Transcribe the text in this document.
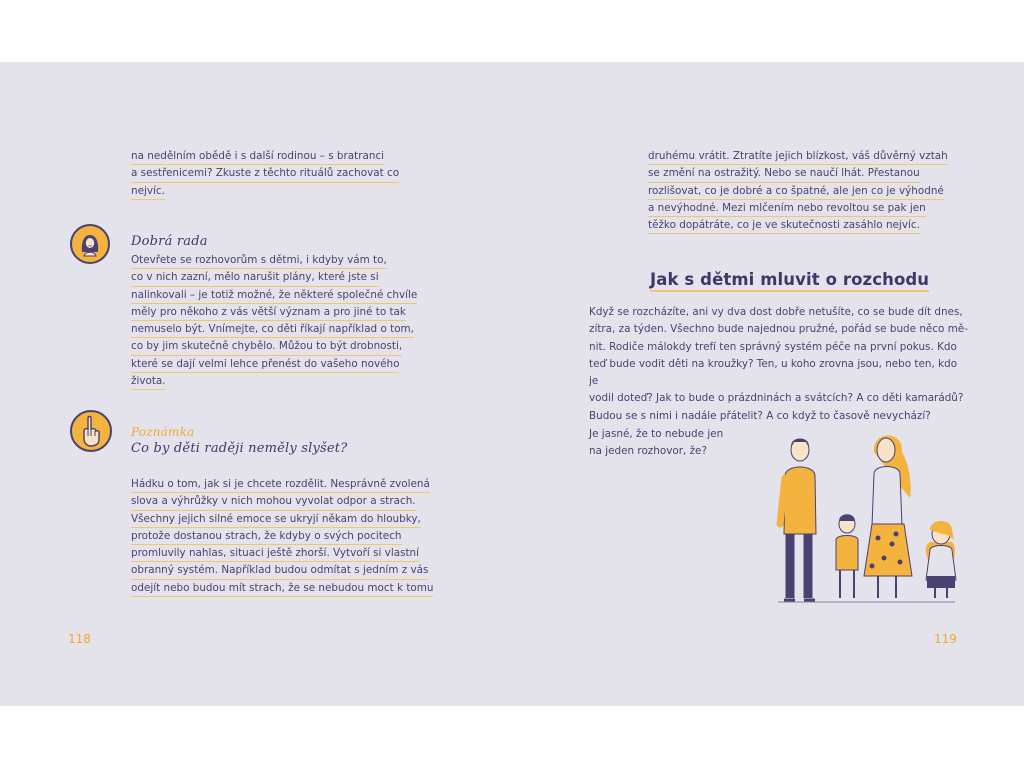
na nedělním obědě i s další rodinou – s bratranci
a sestřenicemi? Zkuste z těchto rituálů zachovat co
nejvíc.
Dobrá rada
Otevřete se rozhovorům s dětmi, i kdyby vám to,
co v nich zazní, mělo narušit plány, které jste si
nalinkovali – je totiž možné, že některé společné chvíle
měly pro někoho z vás větší význam a pro jiné to tak
nemuselo být. Vnímejte, co děti říkají například o tom,
co by jim skutečně chybělo. Můžou to být drobnosti,
které se dají velmi lehce přenést do vašeho nového
života.
Poznámka
Co by děti raději neměly slyšet?
Hádku o tom, jak si je chcete rozdělit. Nesprávně zvolená
slova a výhrůžky v nich mohou vyvolat odpor a strach.
Všechny jejich silné emoce se ukryjí někam do hloubky,
protože dostanou strach, že kdyby o svých pocitech
promluvily nahlas, situaci ještě zhorší. Vytvoří si vlastní
obranný systém. Například budou odmítat s jedním z vás
odejít nebo budou mít strach, že se nebudou moct k tomu
118
druhému vrátit. Ztratíte jejich blízkost, váš důvěrný vztah
se změní na ostražitý. Nebo se naučí lhát. Přestanou
rozlišovat, co je dobré a co špatné, ale jen co je výhodné
a nevýhodné. Mezi mlčením nebo revoltou se pak jen
těžko dopátráte, co je ve skutečnosti zasáhlo nejvíc.
Jak s dětmi mluvit o rozchodu

Když se rozcházíte, ani vy dva dost dobře netušíte, co se bude dít dnes,

zítra, za týden. Všechno bude najednou pružné, pořád se bude něco mě-

nit. Rodiče málokdy trefí ten správný systém péče na první pokus. Kdo

teď bude vodit děti na kroužky? Ten, u koho zrovna jsou, nebo ten, kdo je

vodil doteď? Jak to bude o prázdninách a svátcích? A co děti kamarádů?

Budou se s nimi i nadále přátelit? A co když to časově nevychází?

Je jasné, že to nebude jen

na jeden rozhovor, že?

119
